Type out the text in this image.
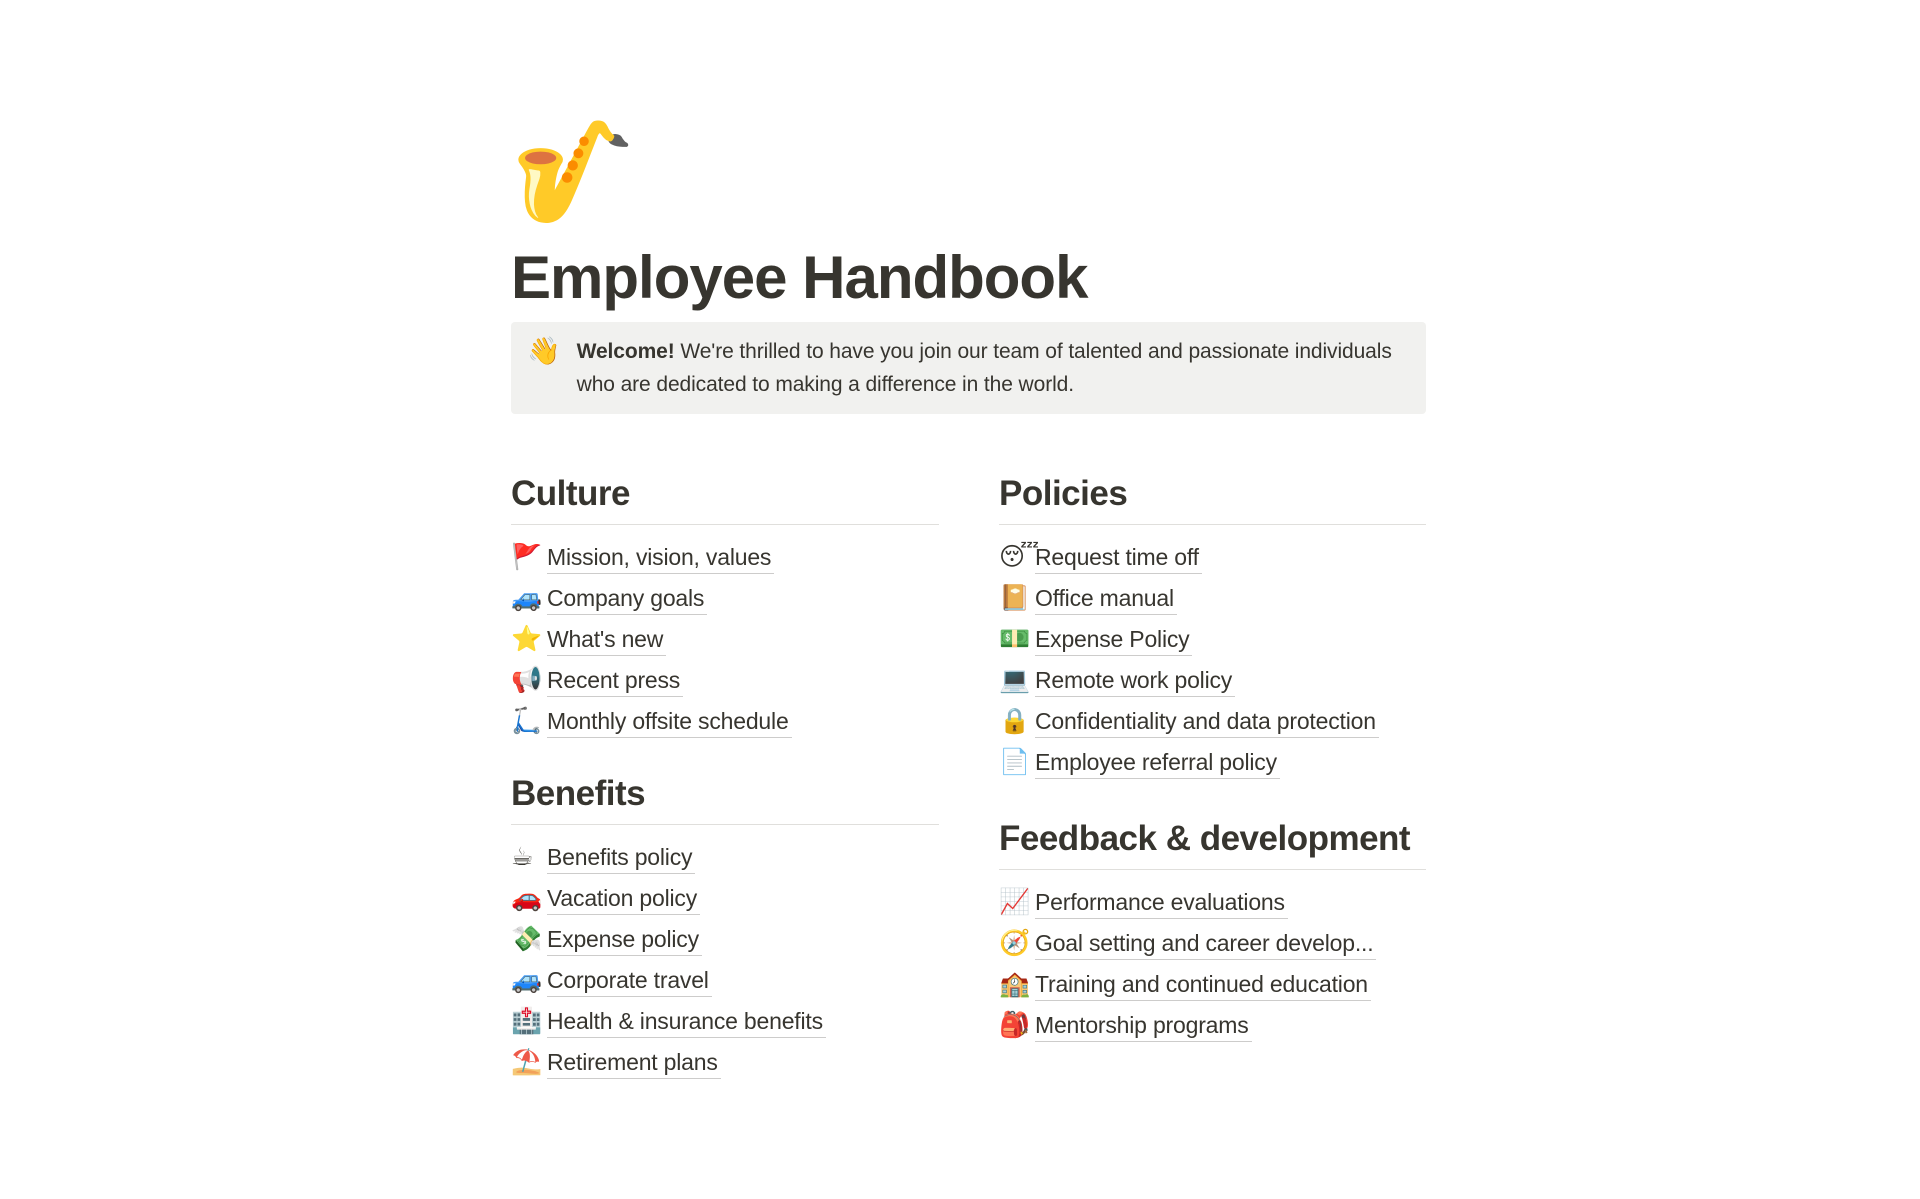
🎷
Employee Handbook
👋 Welcome! We're thrilled to have you join our team of talented and passionate individuals who are dedicated to making a difference in the world.

Culture
🚩 Mission, vision, values
🚙 Company goals
⭐ What's new
📢 Recent press
🛴 Monthly offsite schedule
Benefits
☕ Benefits policy
🚗 Vacation policy
💸 Expense policy
🚙 Corporate travel
🏥 Health & insurance benefits
⛱️ Retirement plans
Policies
😴
Request time off
📔 Office manual
💵 Expense Policy
💻 Remote work policy
🔒 Confidentiality and data protection
📄 Employee referral policy
Feedback & development
📈 Performance evaluations
🧭 Goal setting and career develop...
🏫 Training and continued education
🎒 Mentorship programs
